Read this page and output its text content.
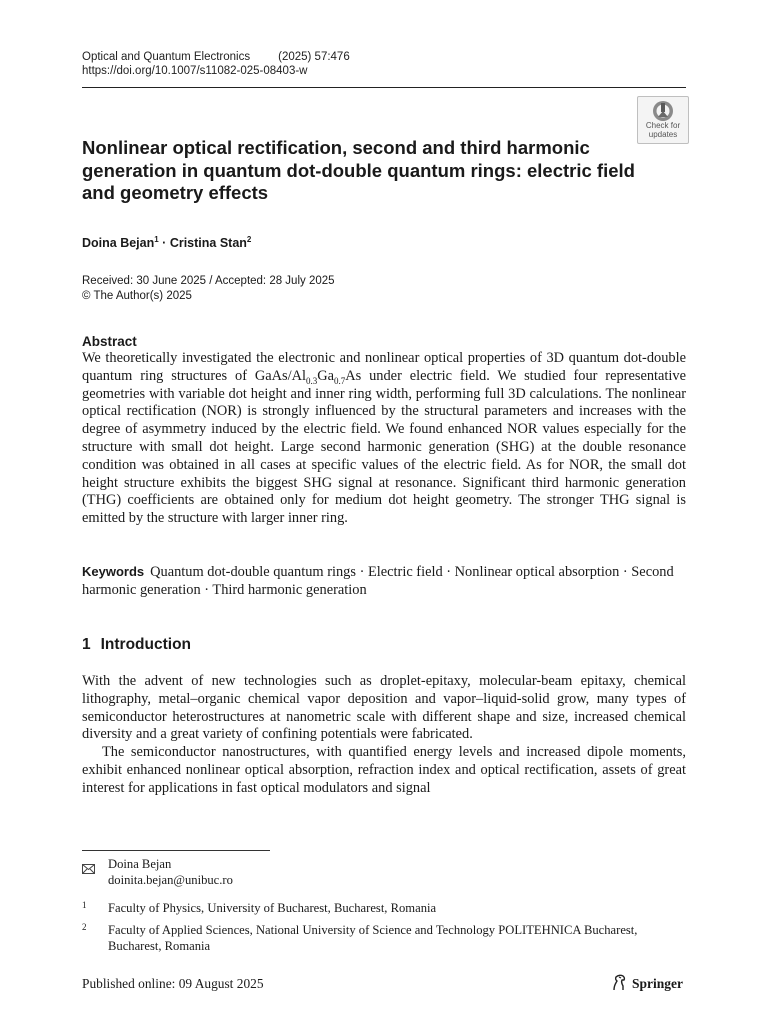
Optical and Quantum Electronics (2025) 57:476
https://doi.org/10.1007/s11082-025-08403-w
Check for
updates
Nonlinear optical rectification, second and third harmonic generation in quantum dot-double quantum rings: electric field and geometry effects
Doina Bejan$^1$ · Cristina Stan$^2$
Received: 30 June 2025 / Accepted: 28 July 2025
© The Author(s) 2025
Abstract
We theoretically investigated the electronic and nonlinear optical properties of 3D quantum dot-double quantum ring structures of GaAs/$Al_{0.3}Ga_{0.7}As$ under electric field. We studied four representative geometries with variable dot height and inner ring width, performing full 3D calculations. The nonlinear optical rectification (NOR) is strongly influenced by the structural parameters and increases with the degree of asymmetry induced by the electric field. We found enhanced NOR values especially for the structure with small dot height. Large second harmonic generation (SHG) at the double resonance condition was obtained in all cases at specific values of the electric field. As for NOR, the small dot height structure exhibits the biggest SHG signal at resonance. Significant third harmonic generation (THG) coefficients are obtained only for medium dot height geometry. The stronger THG signal is emitted by the structure with larger inner ring.
Keywords Quantum dot-double quantum rings · Electric field · Nonlinear optical absorption · Second harmonic generation · Third harmonic generation
1 Introduction

With the advent of new technologies such as droplet-epitaxy, molecular-beam epitaxy, chemical lithography, metal–organic chemical vapor deposition and vapor–liquid-solid grow, many types of semiconductor heterostructures at nanometric scale with different shape and size, increased chemical diversity and a great variety of confining potentials were fabricated.

The semiconductor nanostructures, with quantified energy levels and increased dipole moments, exhibit enhanced nonlinear optical absorption, refraction index and optical rectification, assets of great interest for applications in fast optical modulators and signal

Doina Bejan
doinita.bejan@unibuc.ro
1 Faculty of Physics, University of Bucharest, Bucharest, Romania
2 Faculty of Applied Sciences, National University of Science and Technology POLITEHNICA Bucharest, Bucharest, Romania
Published online: 09 August 2025	Springer
